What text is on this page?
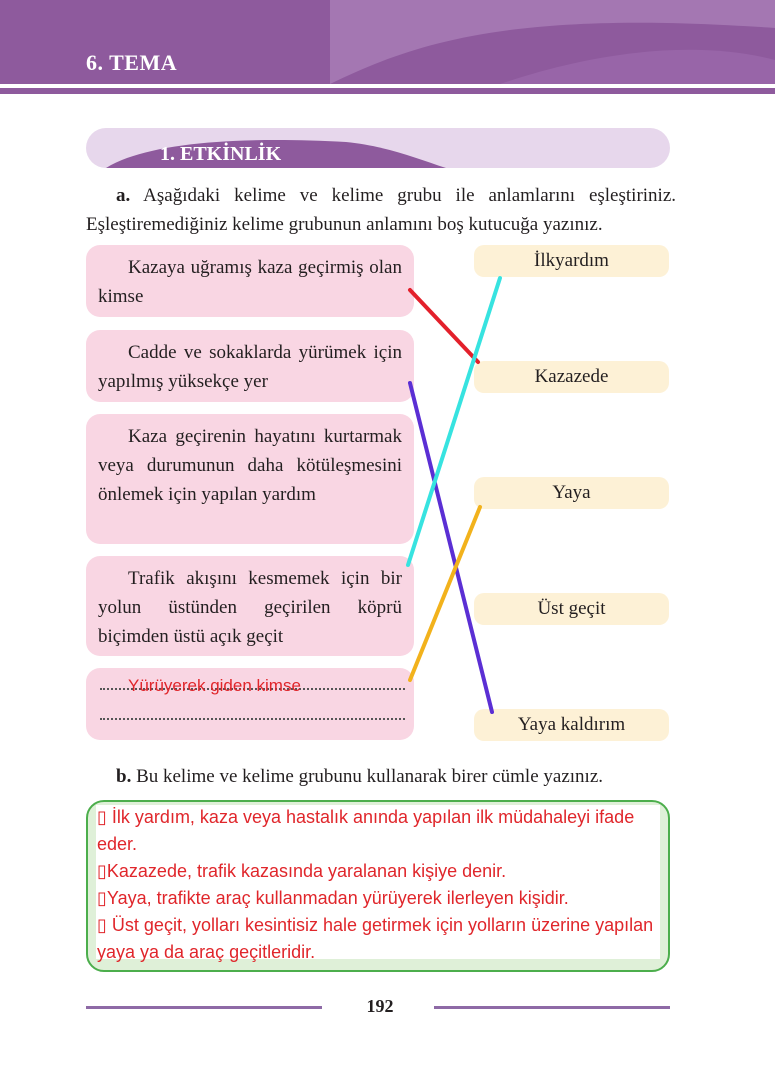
6. TEMA
1. ETKİNLİK
a. Aşağıdaki kelime ve kelime grubu ile anlamlarını eşleştiriniz. Eşleştiremediğiniz kelime grubunun anlamını boş kutucuğa yazınız.
Kazaya uğramış kaza geçirmiş olan kimse
Cadde ve sokaklarda yürümek için yapılmış yüksekçe yer
Kaza geçirenin hayatını kurtarmak veya durumunun daha kötüleşmesini önlemek için yapılan yardım
Trafik akışını kesmemek için bir yolun üstünden geçirilen köprü biçimden üstü açık geçit
Yürüyerek giden kimse
İlkyardım
Kazazede
Yaya
Üst geçit
Yaya kaldırım
b. Bu kelime ve kelime grubunu kullanarak birer cümle yazınız.
▯ İlk yardım, kaza veya hastalık anında yapılan ilk müdahaleyi ifade eder.
▯Kazazede, trafik kazasında yaralanan kişiye denir.
▯Yaya, trafikte araç kullanmadan yürüyerek ilerleyen kişidir.
▯ Üst geçit, yolları kesintisiz hale getirmek için yolların üzerine yapılan yaya ya da araç geçitleridir.
192
